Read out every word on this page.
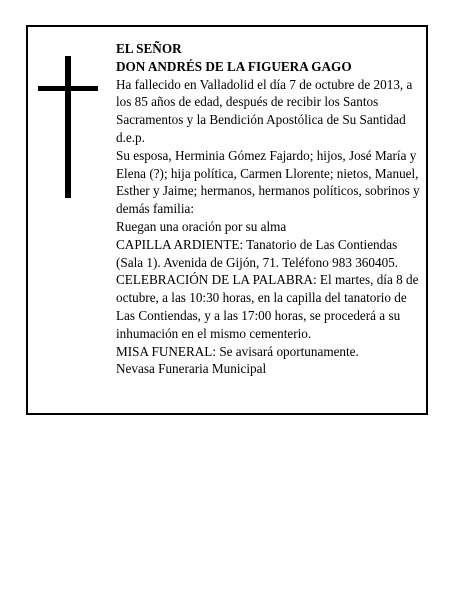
EL SEÑOR

DON ANDRÉS DE LA FIGUERA GAGO

Ha fallecido en Valladolid el día 7 de octubre de 2013, a los 85 años de edad, después de recibir los Santos Sacramentos y la Bendición Apostólica de Su Santidad d.e.p.

Su esposa, Herminia Gómez Fajardo; hijos, José María y Elena (?); hija política, Carmen Llorente; nietos, Manuel, Esther y Jaime; hermanos, hermanos políticos, sobrinos y demás familia:

Ruegan una oración por su alma

CAPILLA ARDIENTE: Tanatorio de Las Contiendas (Sala 1). Avenida de Gijón, 71. Teléfono 983 360405.

CELEBRACIÓN DE LA PALABRA: El martes, día 8 de octubre, a las 10:30 horas, en la capilla del tanatorio de Las Contiendas, y a las 17:00 horas, se procederá a su inhumación en el mismo cementerio.

MISA FUNERAL: Se avisará oportunamente.

Nevasa Funeraria Municipal
